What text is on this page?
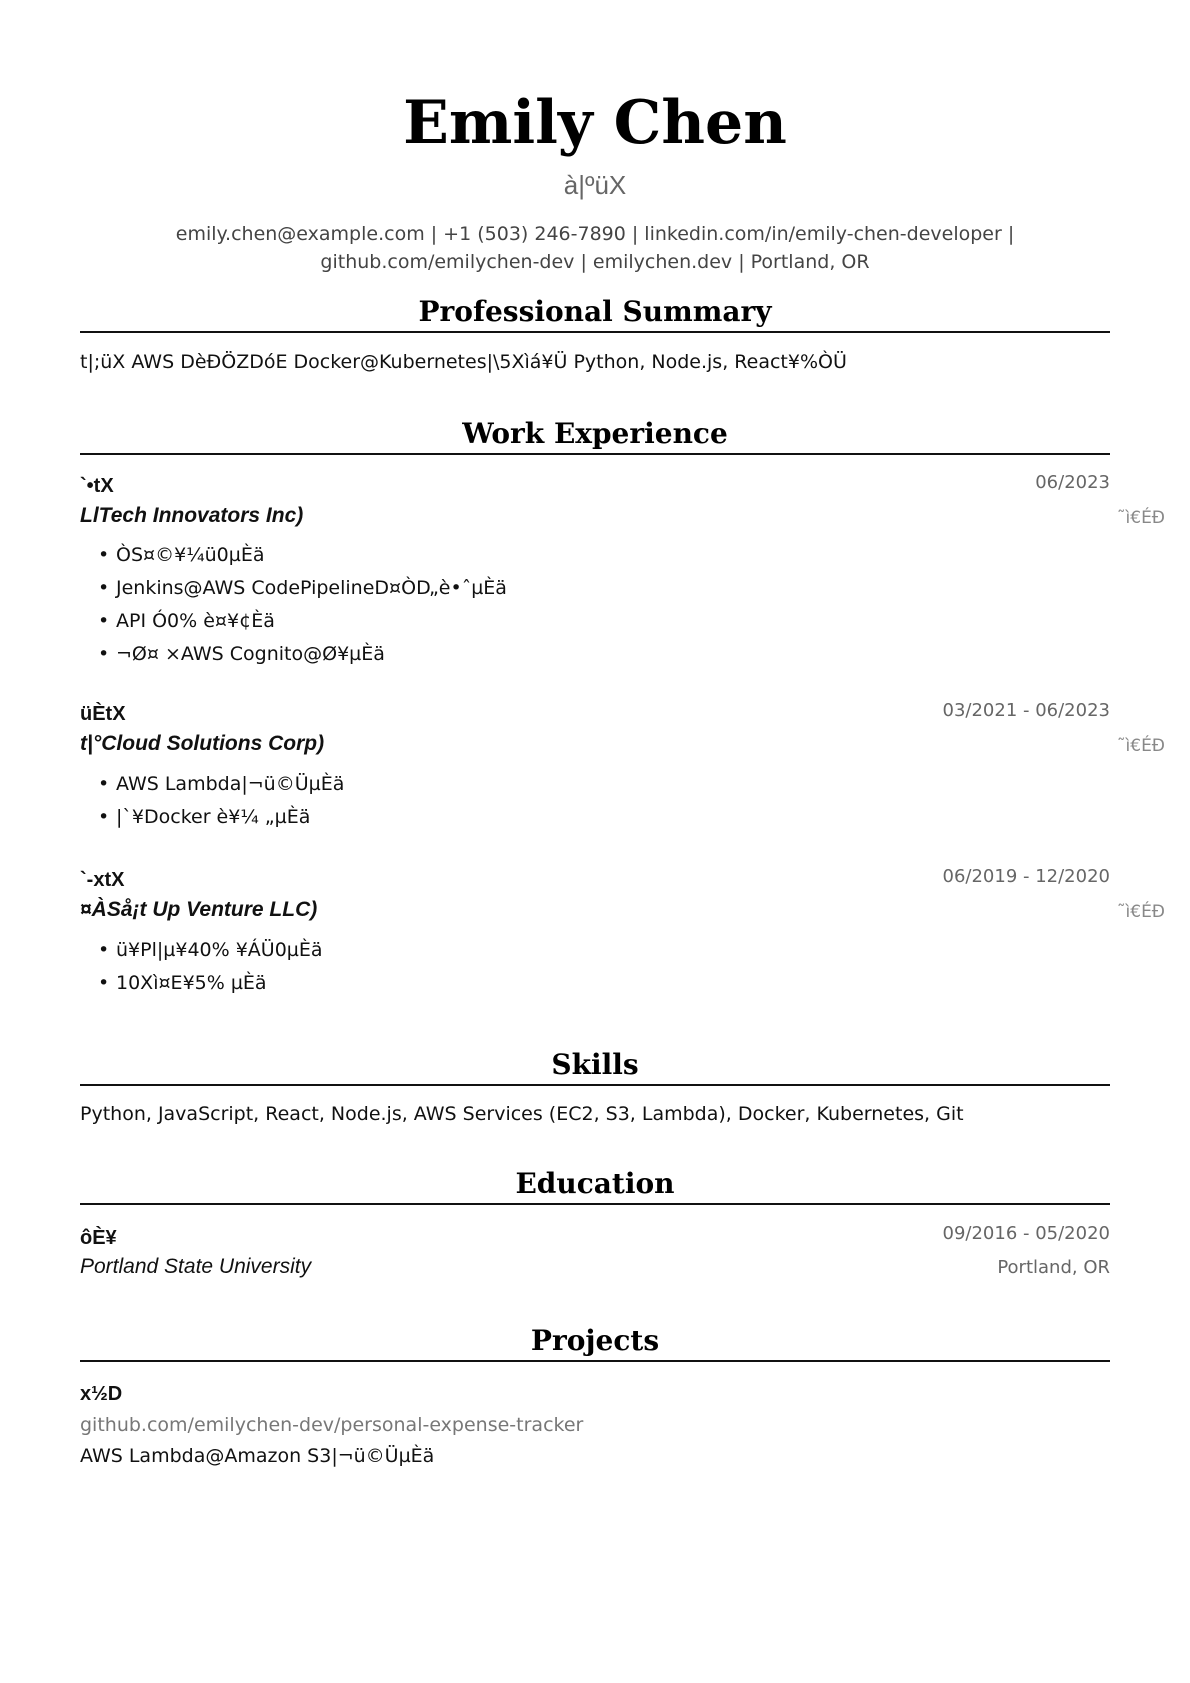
Emily Chen
à|ºüX
emily.chen@example.com | +1 (503) 246-7890 | linkedin.com/in/emily-chen-developer |
github.com/emilychen-dev | emilychen.dev | Portland, OR
Professional Summary
t|;üX AWS DèÐÖZDóE Docker@Kubernetes|\5Xìá¥Ü Python, Node.js, React¥%ÒÜ
Work Experience
`•tX	06/2023
LlTech Innovators Inc)	˜ì€ÉÐ
• ÒS¤©¥¼ü0µÈä
• Jenkins@AWS CodePipelineD¤ÒD„è•ˆµÈä
• API Ó0% è¤¥¢Èä
• ¬Ø¤ ×AWS Cognito@Ø¥µÈä
üÈtX	03/2021 - 06/2023
t|°Cloud Solutions Corp)	˜ì€ÉÐ
• AWS Lambda|¬ü©ÜµÈä
• |`¥Docker è¥¼ „µÈä
`-xtX	06/2019 - 12/2020
¤ÀSå¡t Up Venture LLC)	˜ì€ÉÐ
• ü¥Pl|µ¥40% ¥ÁÜ0µÈä
• 10Xì¤E¥5% µÈä
Skills
Python, JavaScript, React, Node.js, AWS Services (EC2, S3, Lambda), Docker, Kubernetes, Git
Education
ôÈ¥	09/2016 - 05/2020
Portland State University	Portland, OR
Projects
x½D
github.com/emilychen-dev/personal-expense-tracker
AWS Lambda@Amazon S3|¬ü©ÜµÈä
